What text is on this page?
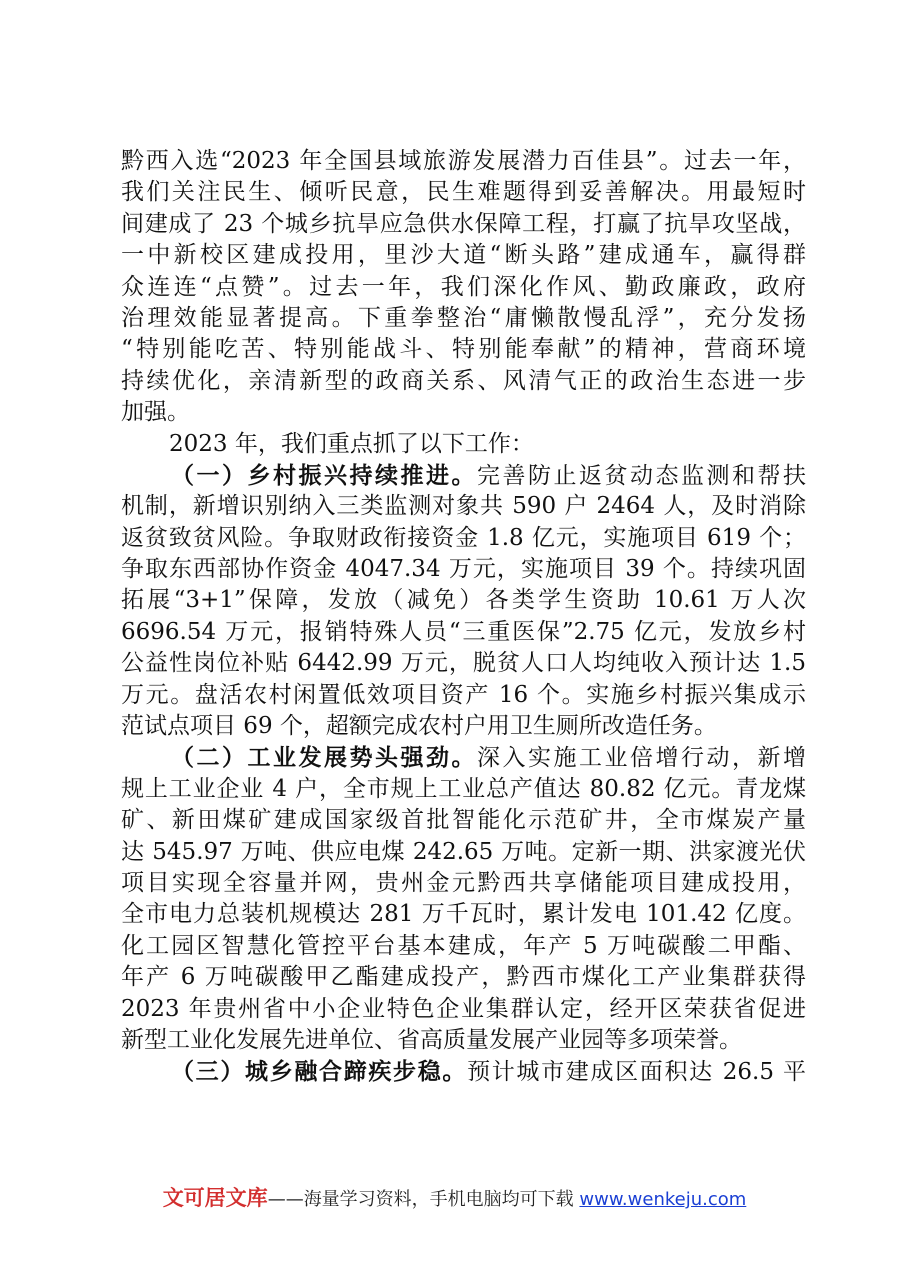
黔西入选“2023 年全国县域旅游发展潜力百佳县”。过去一年，
我们关注民生、倾听民意，民生难题得到妥善解决。用最短时
间建成了 23 个城乡抗旱应急供水保障工程，打赢了抗旱攻坚战，
一中新校区建成投用，里沙大道“断头路”建成通车，赢得群
众连连“点赞”。过去一年，我们深化作风、勤政廉政，政府
治理效能显著提高。下重拳整治“庸懒散慢乱浮”，充分发扬
“特别能吃苦、特别能战斗、特别能奉献”的精神，营商环境
持续优化，亲清新型的政商关系、风清气正的政治生态进一步
加强。
2023 年，我们重点抓了以下工作：
（一）乡村振兴持续推进。完善防止返贫动态监测和帮扶
机制，新增识别纳入三类监测对象共 590 户 2464 人，及时消除
返贫致贫风险。争取财政衔接资金 1.8 亿元，实施项目 619 个；
争取东西部协作资金 4047.34 万元，实施项目 39 个。持续巩固
拓展“3+1”保障，发放（减免）各类学生资助 10.61 万人次
6696.54 万元，报销特殊人员“三重医保”2.75 亿元，发放乡村
公益性岗位补贴 6442.99 万元，脱贫人口人均纯收入预计达 1.5
万元。盘活农村闲置低效项目资产 16 个。实施乡村振兴集成示
范试点项目 69 个，超额完成农村户用卫生厕所改造任务。
（二）工业发展势头强劲。深入实施工业倍增行动，新增
规上工业企业 4 户，全市规上工业总产值达 80.82 亿元。青龙煤
矿、新田煤矿建成国家级首批智能化示范矿井，全市煤炭产量
达 545.97 万吨、供应电煤 242.65 万吨。定新一期、洪家渡光伏
项目实现全容量并网，贵州金元黔西共享储能项目建成投用，
全市电力总装机规模达 281 万千瓦时，累计发电 101.42 亿度。
化工园区智慧化管控平台基本建成，年产 5 万吨碳酸二甲酯、
年产 6 万吨碳酸甲乙酯建成投产，黔西市煤化工产业集群获得
2023 年贵州省中小企业特色企业集群认定，经开区荣获省促进
新型工业化发展先进单位、省高质量发展产业园等多项荣誉。
（三）城乡融合蹄疾步稳。预计城市建成区面积达 26.5 平
文可居文库——海量学习资料，手机电脑均可下载 www.wenkeju.com
